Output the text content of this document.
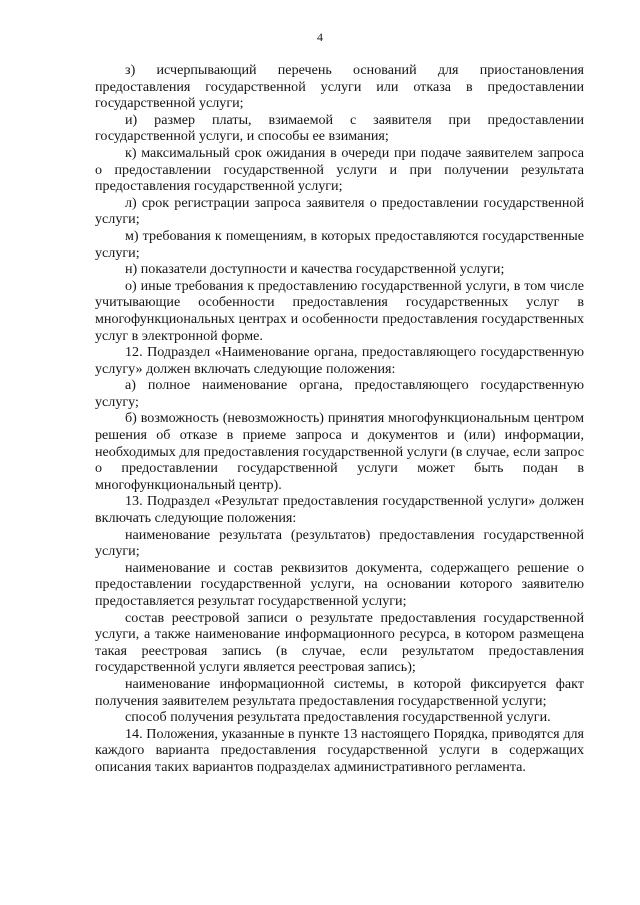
4

з) исчерпывающий перечень оснований для приостановления предоставления государственной услуги или отказа в предоставлении государственной услуги;

и) размер платы, взимаемой с заявителя при предоставлении государственной услуги, и способы ее взимания;

к) максимальный срок ожидания в очереди при подаче заявителем запроса о предоставлении государственной услуги и при получении результата предоставления государственной услуги;

л) срок регистрации запроса заявителя о предоставлении государственной услуги;

м) требования к помещениям, в которых предоставляются государственные услуги;

н) показатели доступности и качества государственной услуги;

о) иные требования к предоставлению государственной услуги, в том числе учитывающие особенности предоставления государственных услуг в многофункциональных центрах и особенности предоставления государственных услуг в электронной форме.

12. Подраздел «Наименование органа, предоставляющего государственную услугу» должен включать следующие положения:

а) полное наименование органа, предоставляющего государственную услугу;

б) возможность (невозможность) принятия многофункциональным центром решения об отказе в приеме запроса и документов и (или) информации, необходимых для предоставления государственной услуги (в случае, если запрос о предоставлении государственной услуги может быть подан в многофункциональный центр).

13. Подраздел «Результат предоставления государственной услуги» должен включать следующие положения:

наименование результата (результатов) предоставления государственной услуги;

наименование и состав реквизитов документа, содержащего решение о предоставлении государственной услуги, на основании которого заявителю предоставляется результат государственной услуги;

состав реестровой записи о результате предоставления государственной услуги, а также наименование информационного ресурса, в котором размещена такая реестровая запись (в случае, если результатом предоставления государственной услуги является реестровая запись);

наименование информационной системы, в которой фиксируется факт получения заявителем результата предоставления государственной услуги;

способ получения результата предоставления государственной услуги.

14. Положения, указанные в пункте 13 настоящего Порядка, приводятся для каждого варианта предоставления государственной услуги в содержащих описания таких вариантов подразделах административного регламента.
